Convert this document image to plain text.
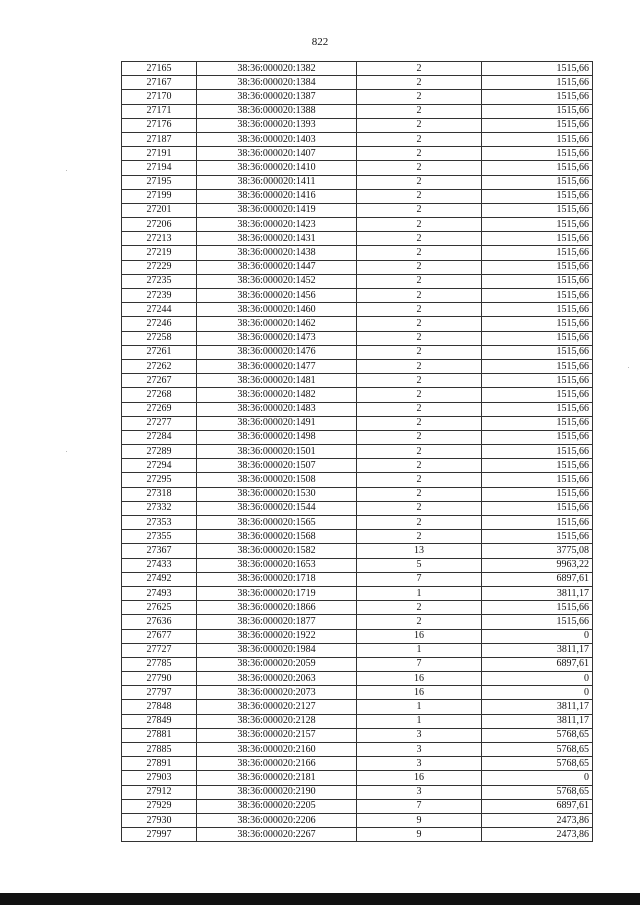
822
27165	38:36:000020:1382	2	1515,66
27167	38:36:000020:1384	2	1515,66
27170	38:36:000020:1387	2	1515,66
27171	38:36:000020:1388	2	1515,66
27176	38:36:000020:1393	2	1515,66
27187	38:36:000020:1403	2	1515,66
27191	38:36:000020:1407	2	1515,66
27194	38:36:000020:1410	2	1515,66
27195	38:36:000020:1411	2	1515,66
27199	38:36:000020:1416	2	1515,66
27201	38:36:000020:1419	2	1515,66
27206	38:36:000020:1423	2	1515,66
27213	38:36:000020:1431	2	1515,66
27219	38:36:000020:1438	2	1515,66
27229	38:36:000020:1447	2	1515,66
27235	38:36:000020:1452	2	1515,66
27239	38:36:000020:1456	2	1515,66
27244	38:36:000020:1460	2	1515,66
27246	38:36:000020:1462	2	1515,66
27258	38:36:000020:1473	2	1515,66
27261	38:36:000020:1476	2	1515,66
27262	38:36:000020:1477	2	1515,66
27267	38:36:000020:1481	2	1515,66
27268	38:36:000020:1482	2	1515,66
27269	38:36:000020:1483	2	1515,66
27277	38:36:000020:1491	2	1515,66
27284	38:36:000020:1498	2	1515,66
27289	38:36:000020:1501	2	1515,66
27294	38:36:000020:1507	2	1515,66
27295	38:36:000020:1508	2	1515,66
27318	38:36:000020:1530	2	1515,66
27332	38:36:000020:1544	2	1515,66
27353	38:36:000020:1565	2	1515,66
27355	38:36:000020:1568	2	1515,66
27367	38:36:000020:1582	13	3775,08
27433	38:36:000020:1653	5	9963,22
27492	38:36:000020:1718	7	6897,61
27493	38:36:000020:1719	1	3811,17
27625	38:36:000020:1866	2	1515,66
27636	38:36:000020:1877	2	1515,66
27677	38:36:000020:1922	16	0
27727	38:36:000020:1984	1	3811,17
27785	38:36:000020:2059	7	6897,61
27790	38:36:000020:2063	16	0
27797	38:36:000020:2073	16	0
27848	38:36:000020:2127	1	3811,17
27849	38:36:000020:2128	1	3811,17
27881	38:36:000020:2157	3	5768,65
27885	38:36:000020:2160	3	5768,65
27891	38:36:000020:2166	3	5768,65
27903	38:36:000020:2181	16	0
27912	38:36:000020:2190	3	5768,65
27929	38:36:000020:2205	7	6897,61
27930	38:36:000020:2206	9	2473,86
27997	38:36:000020:2267	9	2473,86
